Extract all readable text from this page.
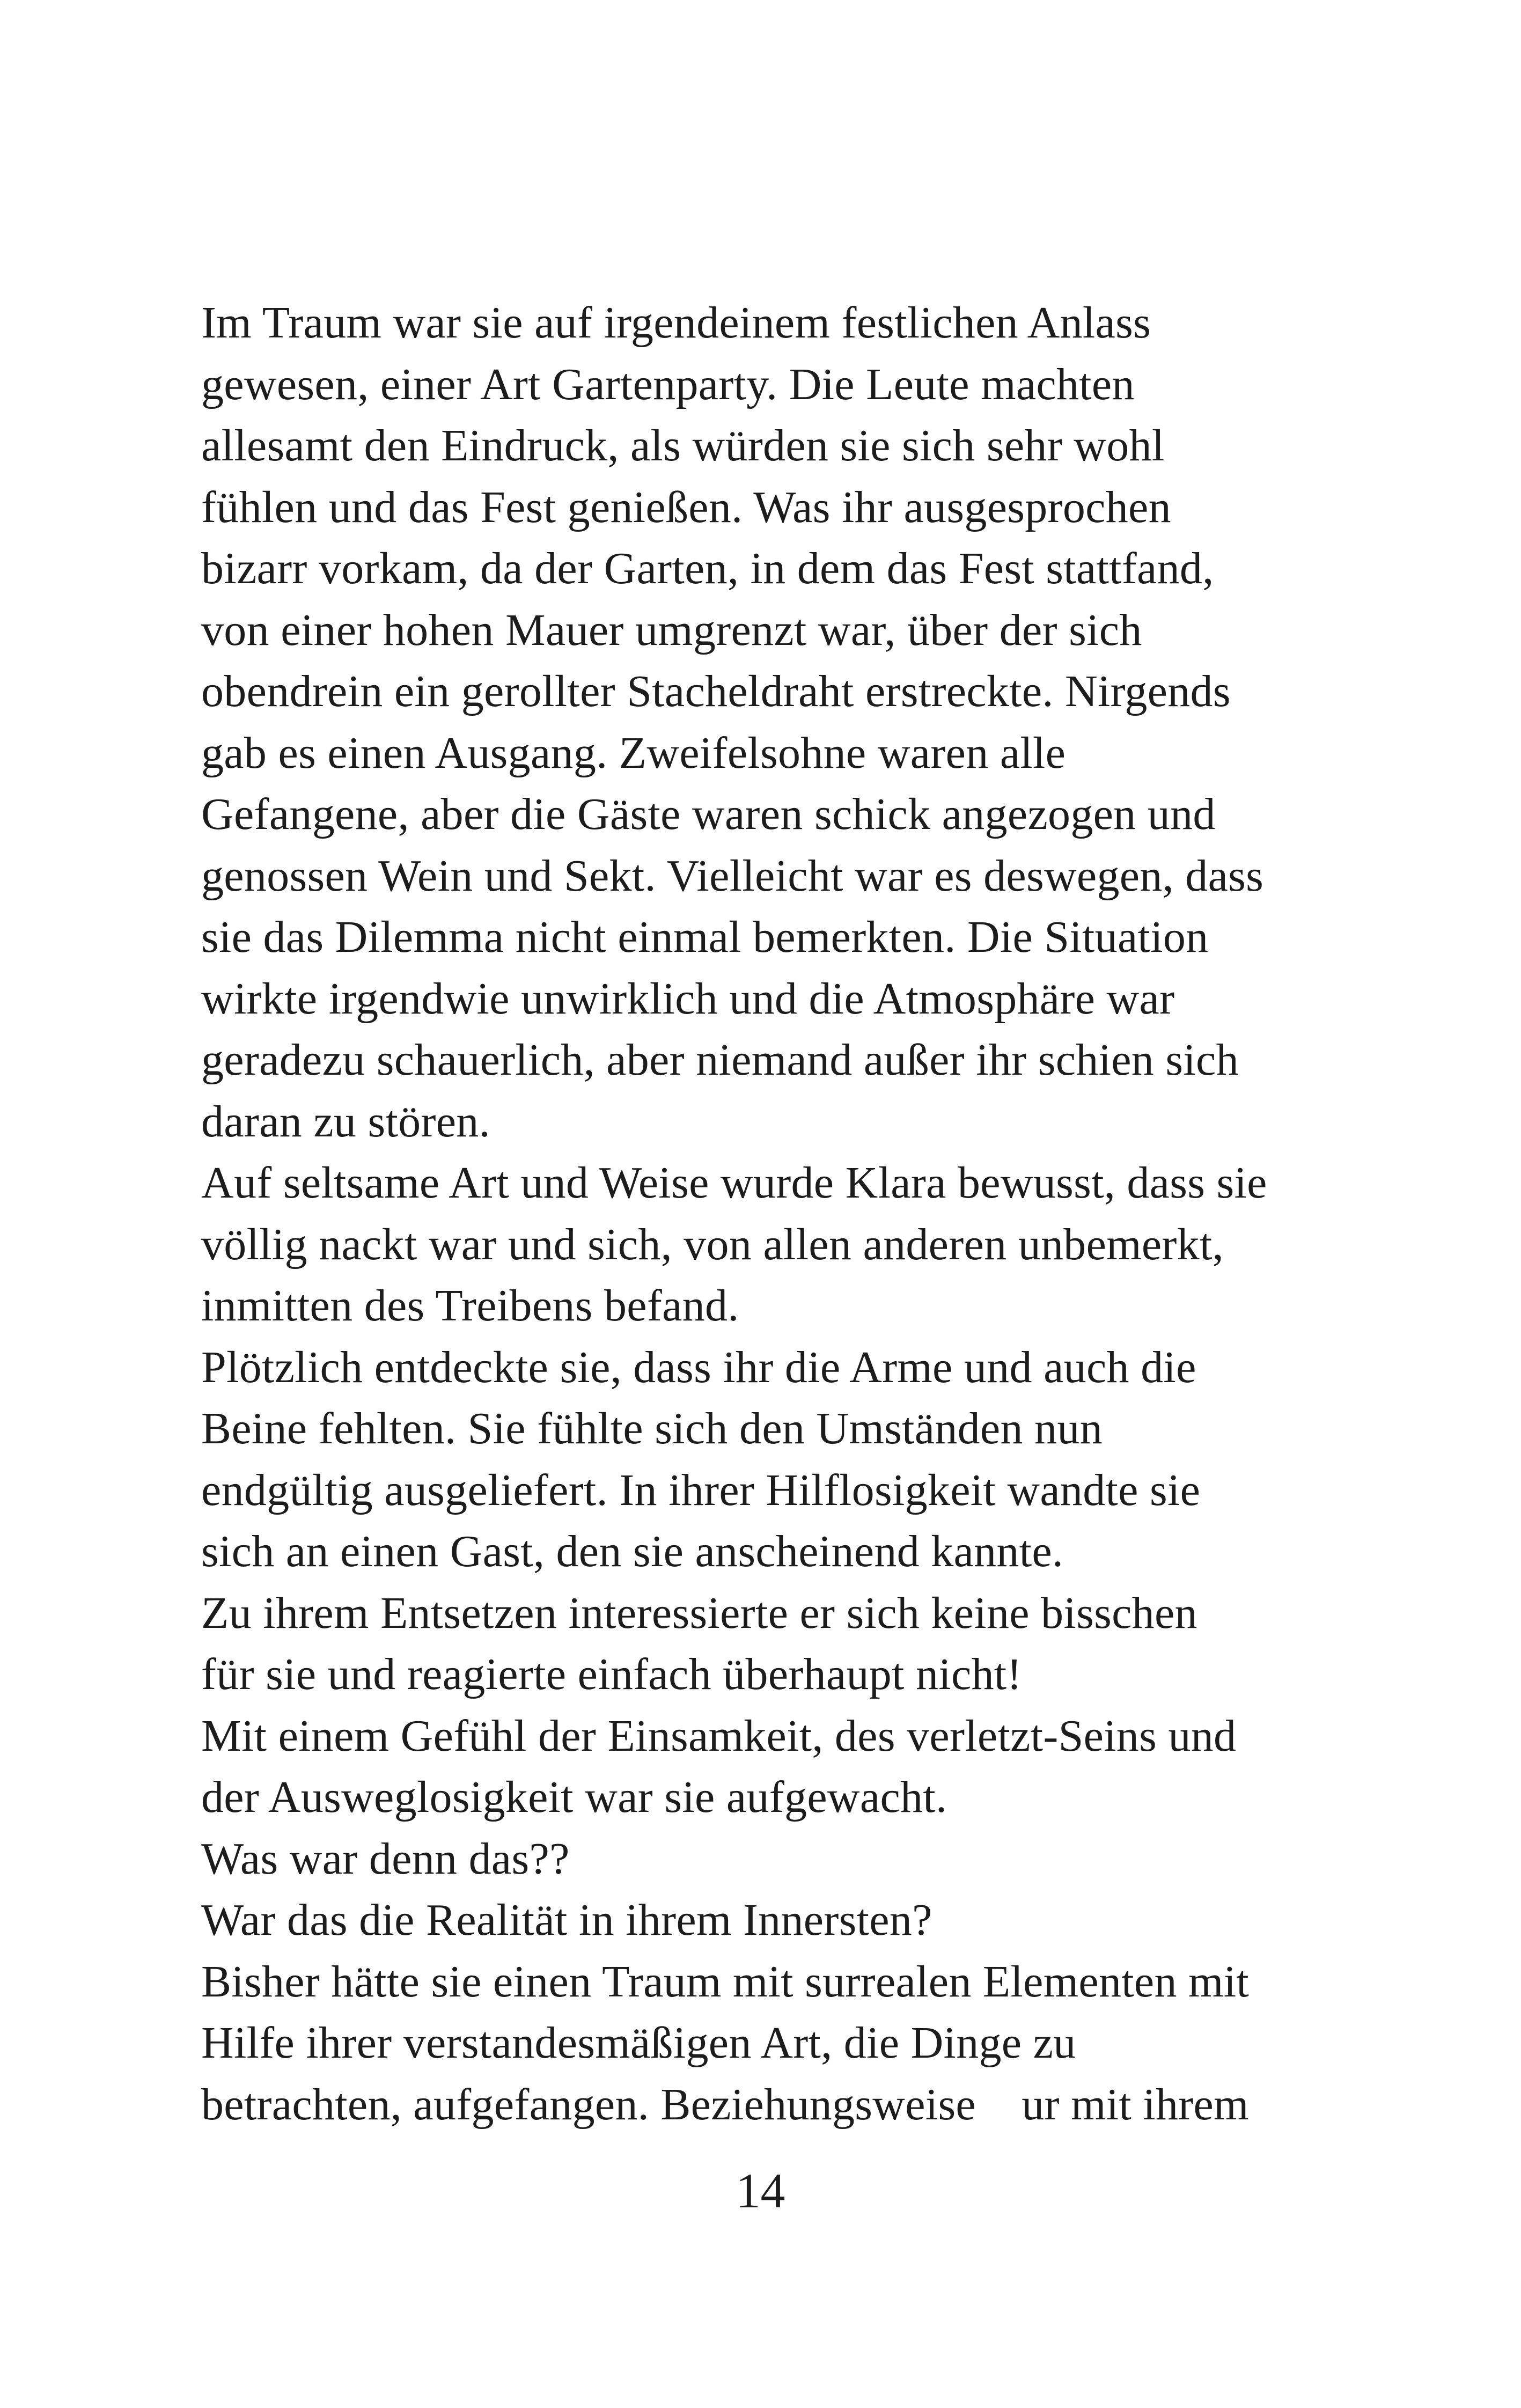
Im Traum war sie auf irgendeinem festlichen Anlass
gewesen, einer Art Gartenparty. Die Leute machten
allesamt den Eindruck, als würden sie sich sehr wohl
fühlen und das Fest genießen. Was ihr ausgesprochen
bizarr vorkam, da der Garten, in dem das Fest stattfand,
von einer hohen Mauer umgrenzt war, über der sich
obendrein ein gerollter Stacheldraht erstreckte. Nirgends
gab es einen Ausgang. Zweifelsohne waren alle
Gefangene, aber die Gäste waren schick angezogen und
genossen Wein und Sekt. Vielleicht war es deswegen, dass
sie das Dilemma nicht einmal bemerkten. Die Situation
wirkte irgendwie unwirklich und die Atmosphäre war
geradezu schauerlich, aber niemand außer ihr schien sich
daran zu stören.
Auf seltsame Art und Weise wurde Klara bewusst, dass sie
völlig nackt war und sich, von allen anderen unbemerkt,
inmitten des Treibens befand.
Plötzlich entdeckte sie, dass ihr die Arme und auch die
Beine fehlten. Sie fühlte sich den Umständen nun
endgültig ausgeliefert. In ihrer Hilflosigkeit wandte sie
sich an einen Gast, den sie anscheinend kannte.
Zu ihrem Entsetzen interessierte er sich keine bisschen
für sie und reagierte einfach überhaupt nicht!
Mit einem Gefühl der Einsamkeit, des verletzt-Seins und
der Ausweglosigkeit war sie aufgewacht.
Was war denn das??
War das die Realität in ihrem Innersten?
Bisher hätte sie einen Traum mit surrealen Elementen mit
Hilfe ihrer verstandesmäßigen Art, die Dinge zu
betrachten, aufgefangen. Beziehungsweise    ur mit ihrem
14
